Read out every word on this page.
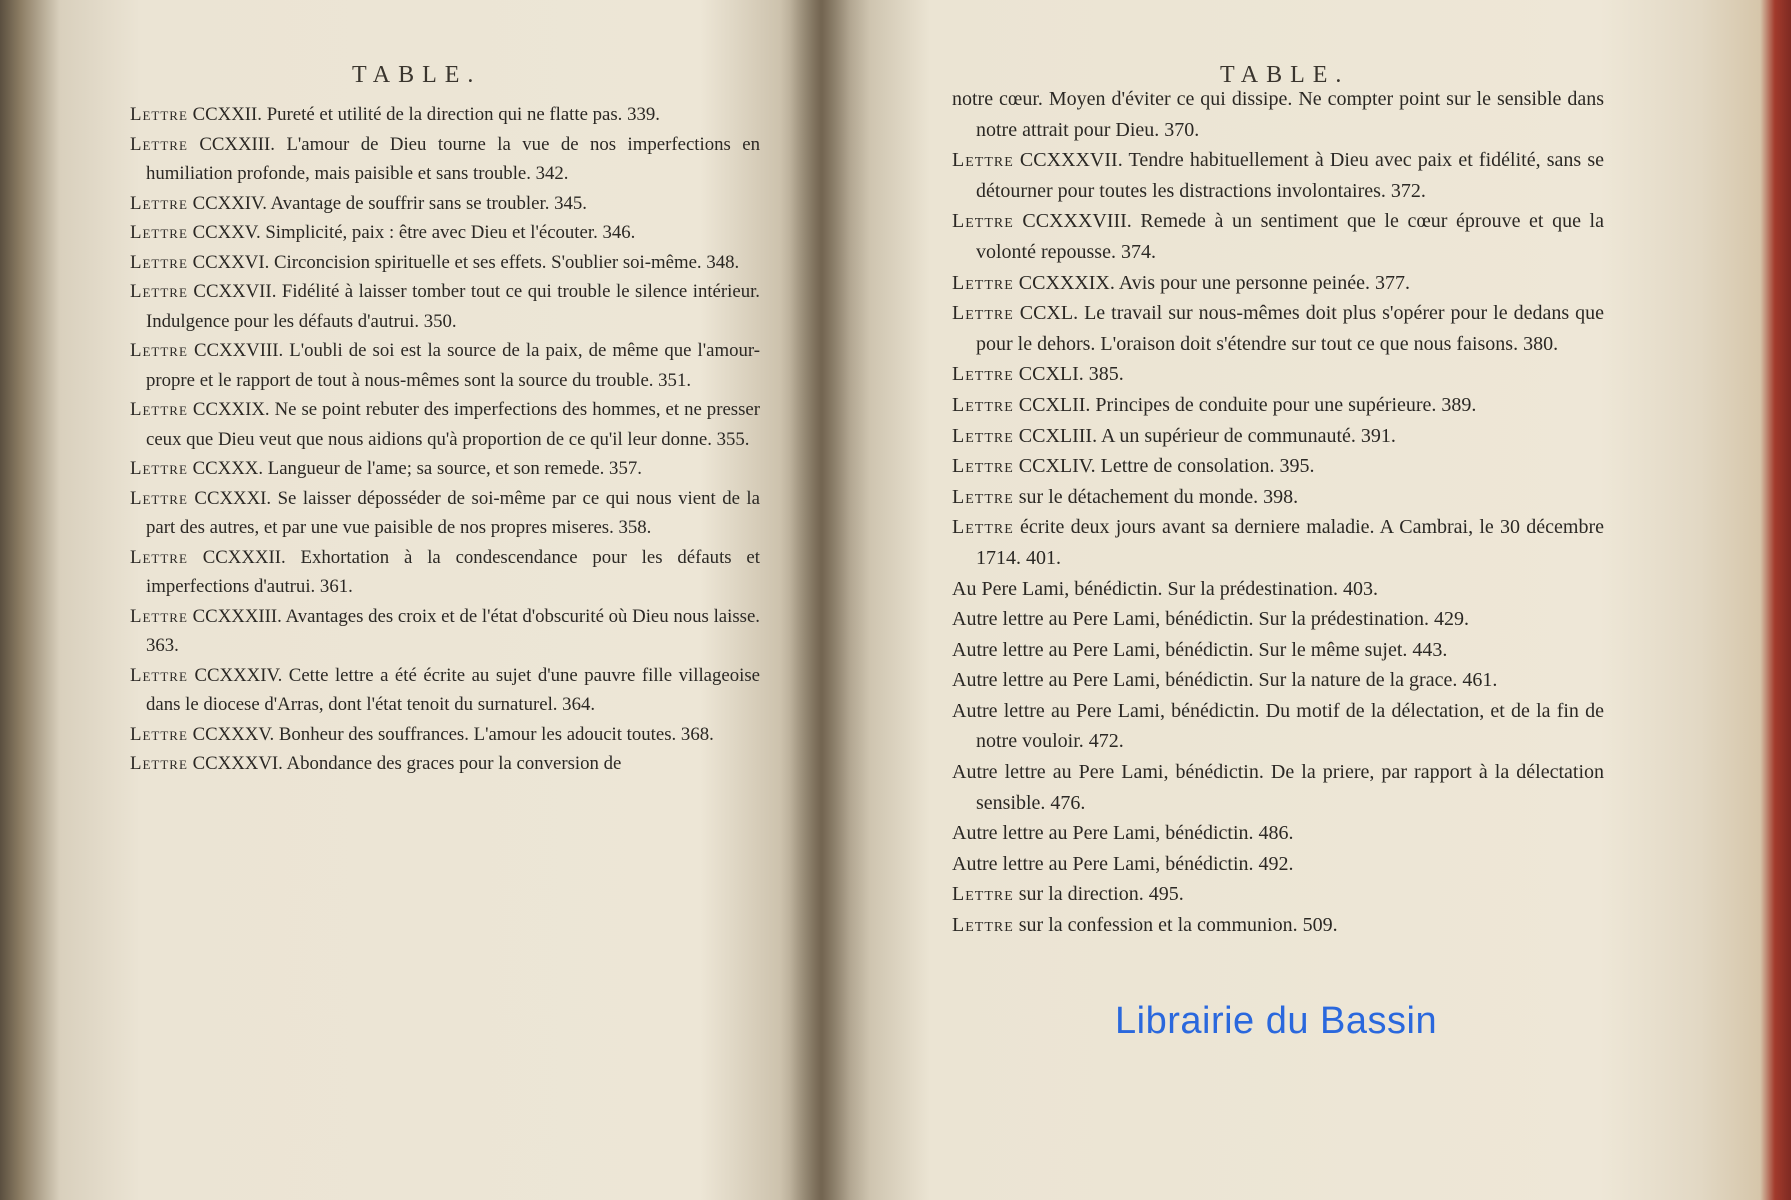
TABLE.
Lettre CCXXII. Pureté et utilité de la direction qui ne flatte pas. 339.
Lettre CCXXIII. L'amour de Dieu tourne la vue de nos imperfections en humiliation profonde, mais paisible et sans trouble. 342.
Lettre CCXXIV. Avantage de souffrir sans se troubler. 345.
Lettre CCXXV. Simplicité, paix : être avec Dieu et l'écouter. 346.
Lettre CCXXVI. Circoncision spirituelle et ses effets. S'oublier soi-même. 348.
Lettre CCXXVII. Fidélité à laisser tomber tout ce qui trouble le silence intérieur. Indulgence pour les défauts d'autrui. 350.
Lettre CCXXVIII. L'oubli de soi est la source de la paix, de même que l'amour-propre et le rapport de tout à nous-mêmes sont la source du trouble. 351.
Lettre CCXXIX. Ne se point rebuter des imperfections des hommes, et ne presser ceux que Dieu veut que nous aidions qu'à proportion de ce qu'il leur donne. 355.
Lettre CCXXX. Langueur de l'ame; sa source, et son remede. 357.
Lettre CCXXXI. Se laisser déposséder de soi-même par ce qui nous vient de la part des autres, et par une vue paisible de nos propres miseres. 358.
Lettre CCXXXII. Exhortation à la condescendance pour les défauts et imperfections d'autrui. 361.
Lettre CCXXXIII. Avantages des croix et de l'état d'obscurité où Dieu nous laisse. 363.
Lettre CCXXXIV. Cette lettre a été écrite au sujet d'une pauvre fille villageoise dans le diocese d'Arras, dont l'état tenoit du surnaturel. 364.
Lettre CCXXXV. Bonheur des souffrances. L'amour les adoucit toutes. 368.
Lettre CCXXXVI. Abondance des graces pour la conversion de
TABLE.
notre cœur. Moyen d'éviter ce qui dissipe. Ne compter point sur le sensible dans notre attrait pour Dieu. 370.
Lettre CCXXXVII. Tendre habituellement à Dieu avec paix et fidélité, sans se détourner pour toutes les distractions involontaires. 372.
Lettre CCXXXVIII. Remede à un sentiment que le cœur éprouve et que la volonté repousse. 374.
Lettre CCXXXIX. Avis pour une personne peinée. 377.
Lettre CCXL. Le travail sur nous-mêmes doit plus s'opérer pour le dedans que pour le dehors. L'oraison doit s'étendre sur tout ce que nous faisons. 380.
Lettre CCXLI. 385.
Lettre CCXLII. Principes de conduite pour une supérieure. 389.
Lettre CCXLIII. A un supérieur de communauté. 391.
Lettre CCXLIV. Lettre de consolation. 395.
Lettre sur le détachement du monde. 398.
Lettre écrite deux jours avant sa derniere maladie. A Cambrai, le 30 décembre 1714. 401.
Au Pere Lami, bénédictin. Sur la prédestination. 403.
Autre lettre au Pere Lami, bénédictin. Sur la prédestination. 429.
Autre lettre au Pere Lami, bénédictin. Sur le même sujet. 443.
Autre lettre au Pere Lami, bénédictin. Sur la nature de la grace. 461.
Autre lettre au Pere Lami, bénédictin. Du motif de la délectation, et de la fin de notre vouloir. 472.
Autre lettre au Pere Lami, bénédictin. De la priere, par rapport à la délectation sensible. 476.
Autre lettre au Pere Lami, bénédictin. 486.
Autre lettre au Pere Lami, bénédictin. 492.
Lettre sur la direction. 495.
Lettre sur la confession et la communion. 509.
Librairie du Bassin
